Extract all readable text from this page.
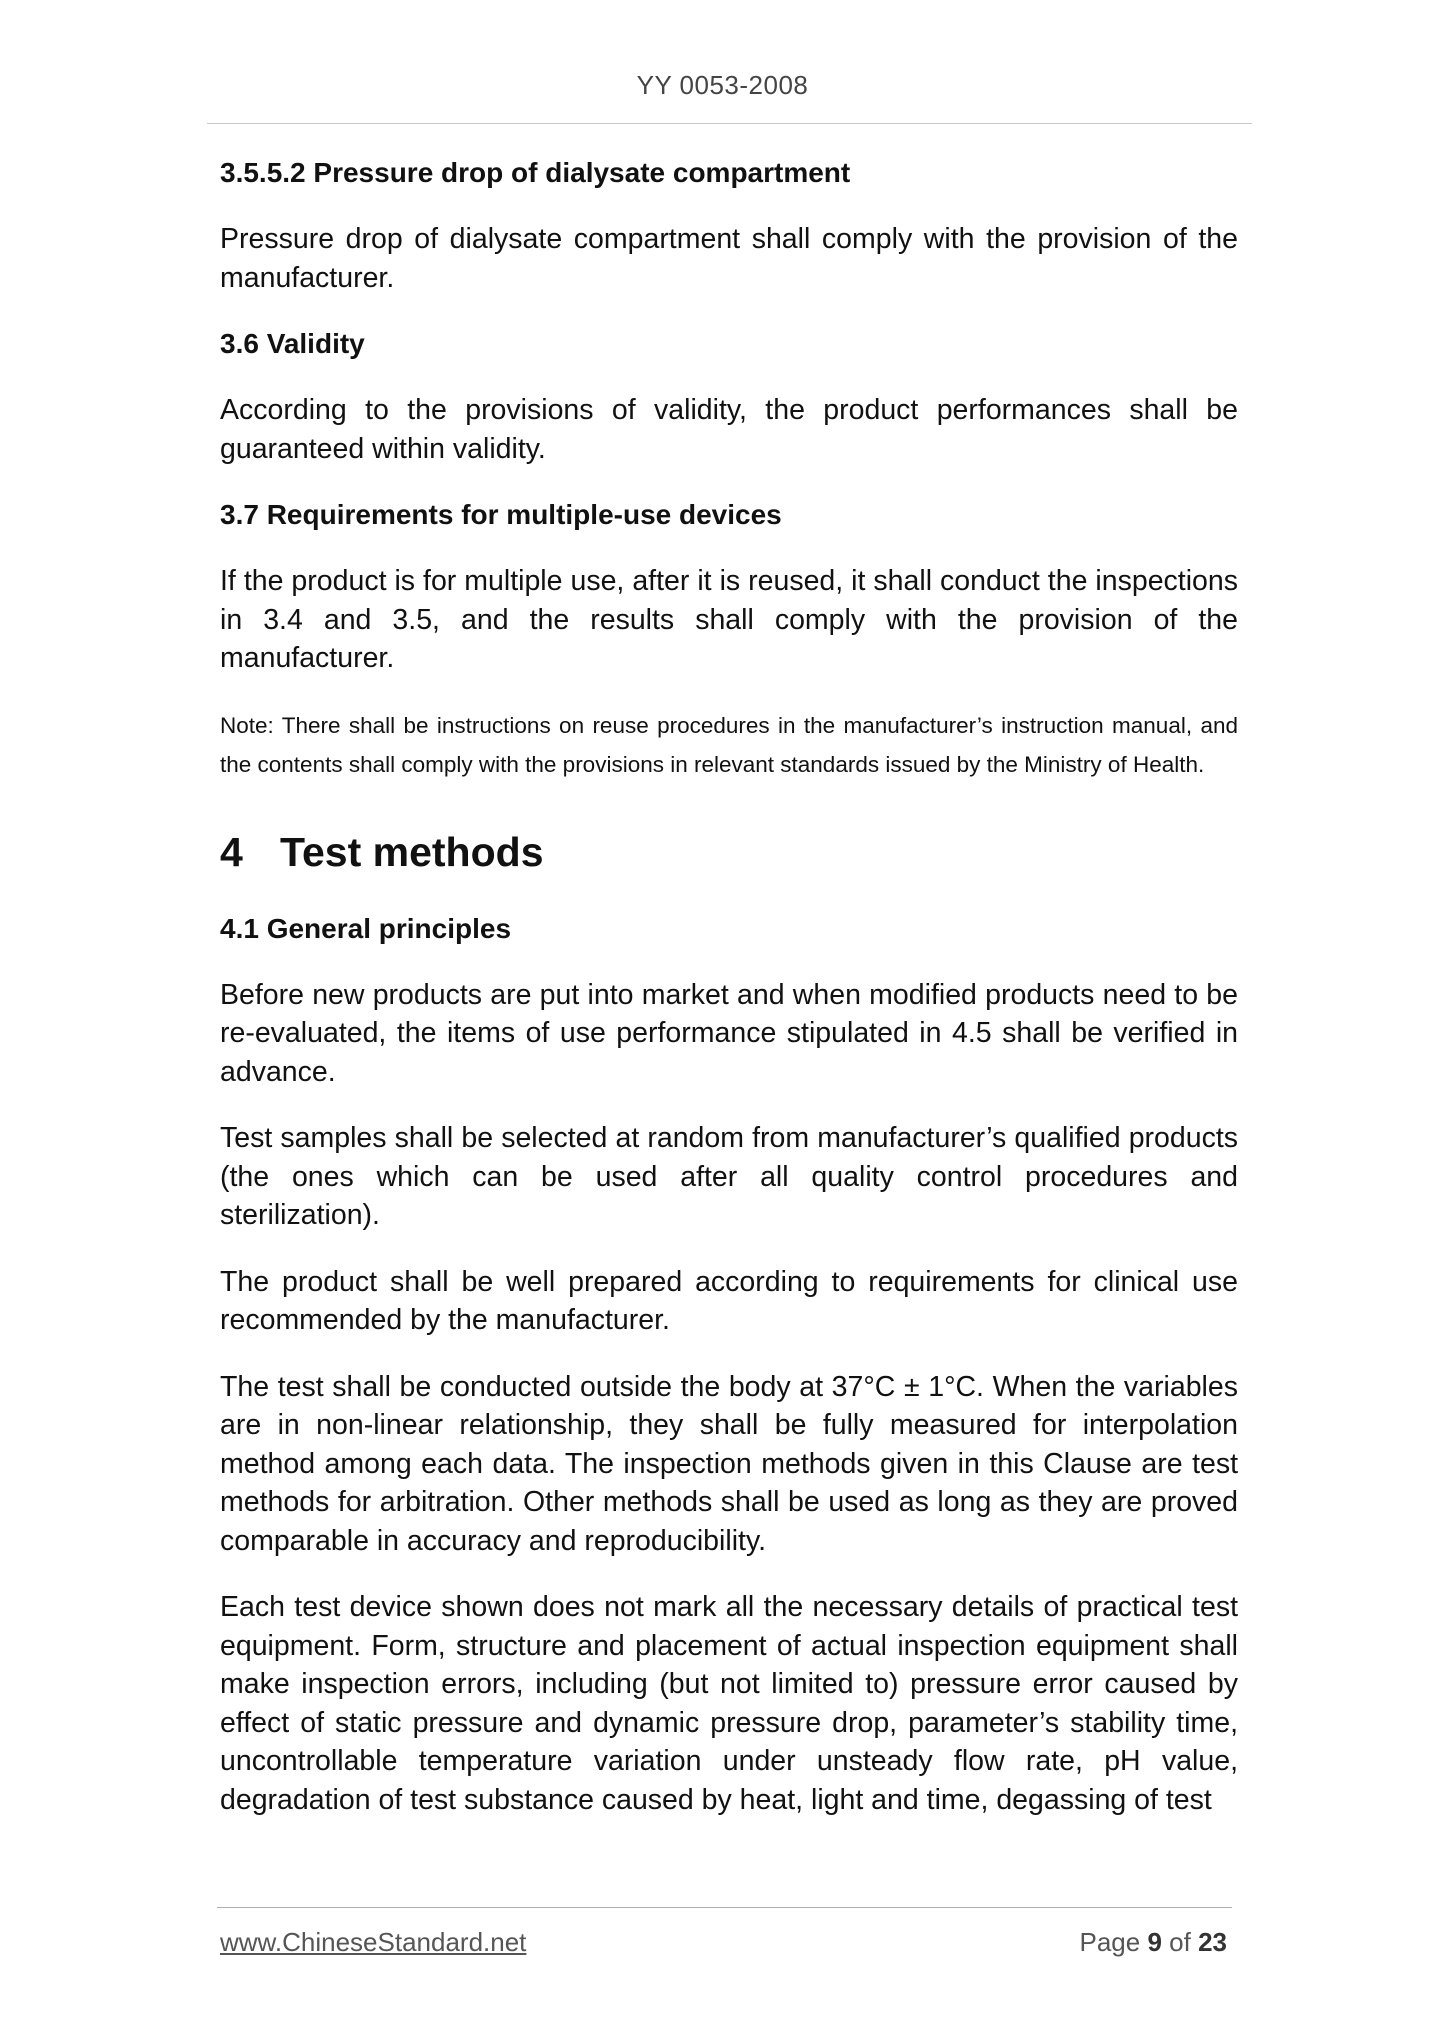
YY 0053-2008
3.5.5.2 Pressure drop of dialysate compartment
Pressure drop of dialysate compartment shall comply with the provision of the manufacturer.
3.6 Validity
According to the provisions of validity, the product performances shall be guaranteed within validity.
3.7 Requirements for multiple-use devices
If the product is for multiple use, after it is reused, it shall conduct the inspections in 3.4 and 3.5, and the results shall comply with the provision of the manufacturer.
Note: There shall be instructions on reuse procedures in the manufacturer’s instruction manual, and the contents shall comply with the provisions in relevant standards issued by the Ministry of Health.
4 Test methods
4.1 General principles
Before new products are put into market and when modified products need to be re-evaluated, the items of use performance stipulated in 4.5 shall be verified in advance.
Test samples shall be selected at random from manufacturer’s qualified products (the ones which can be used after all quality control procedures and sterilization).
The product shall be well prepared according to requirements for clinical use recommended by the manufacturer.
The test shall be conducted outside the body at 37°C ± 1°C. When the variables are in non-linear relationship, they shall be fully measured for interpolation method among each data. The inspection methods given in this Clause are test methods for arbitration. Other methods shall be used as long as they are proved comparable in accuracy and reproducibility.
Each test device shown does not mark all the necessary details of practical test equipment. Form, structure and placement of actual inspection equipment shall make inspection errors, including (but not limited to) pressure error caused by effect of static pressure and dynamic pressure drop, parameter’s stability time, uncontrollable temperature variation under unsteady flow rate, pH value, degradation of test substance caused by heat, light and time, degassing of test
www.ChineseStandard.net	Page 9 of 23
